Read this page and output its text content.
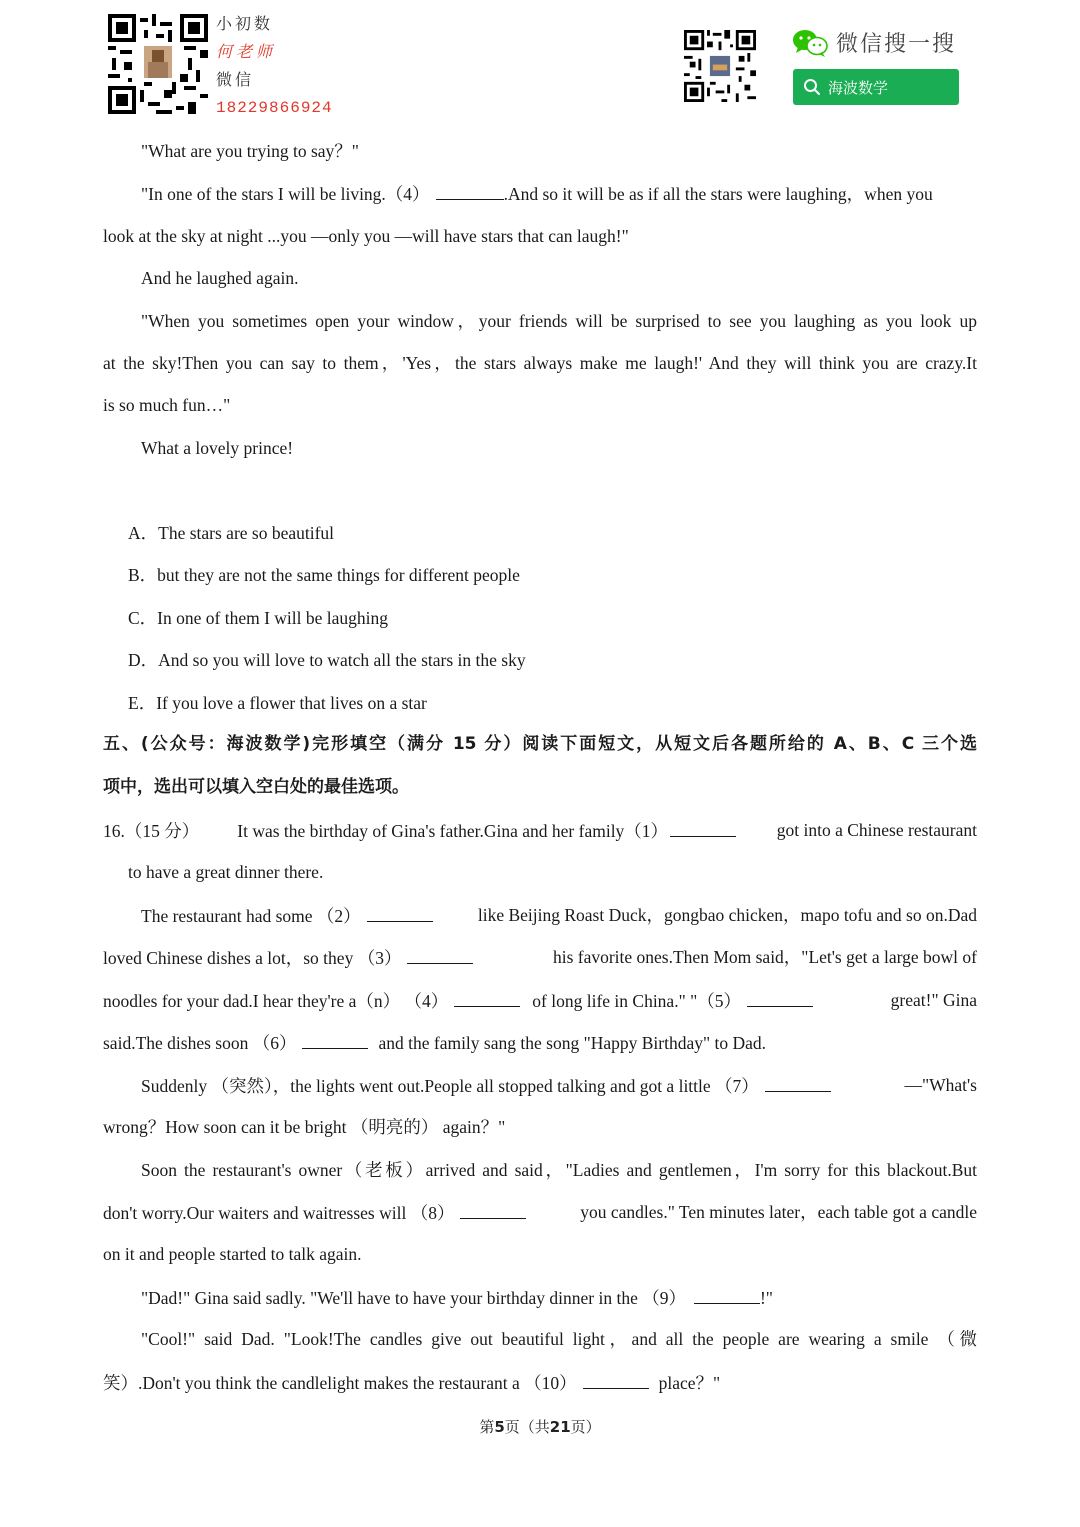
小初数
何老师
微信
18229866924
微信搜一搜
海波数学
"What are you trying to say？"
"In one of the stars I will be living.（4）	.And so it will be as if all the stars were laughing，when you
look at the sky at night ...you —only you —will have stars that can laugh!"
And he laughed again.
"When you sometimes open your window，your friends will be surprised to see you laughing as you look up
at the sky!Then you can say to them，'Yes，the stars always make me laugh!' And they will think you are crazy.It
is so much fun…"
What a lovely prince!
A．The stars are so beautiful
B．but they are not the same things for different people
C．In one of them I will be laughing
D．And so you will love to watch all the stars in the sky
E．If you love a flower that lives on a star
五、(公众号：海波数学)完形填空（满分 15 分）阅读下面短文，从短文后各题所给的 A、B、C 三个选
项中，选出可以填入空白处的最佳选项。
16.（15 分） It was the birthday of Gina's father.Gina and her family（1）	got into a Chinese restaurant
to have a great dinner there.
The restaurant had some （2）	like Beijing Roast Duck，gongbao chicken，mapo tofu and so on.Dad
loved Chinese dishes a lot，so they （3）	his favorite ones.Then Mom said，"Let's get a large bowl of
noodles for your dad.I hear they're a（n） （4）	of long life in China." "（5）	great!" Gina
said.The dishes soon （6）	and the family sang the song "Happy Birthday" to Dad.
Suddenly （突然），the lights went out.People all stopped talking and got a little （7）	—"What's
wrong？How soon can it be bright （明亮的） again？"
Soon the restaurant's owner（老板）arrived and said，"Ladies and gentlemen，I'm sorry for this blackout.But
don't worry.Our waiters and waitresses will （8）	you candles." Ten minutes later，each table got a candle
on it and people started to talk again.
"Dad!" Gina said sadly. "We'll have to have your birthday dinner in the （9）	!"
"Cool!" said Dad. "Look!The candles give out beautiful light，and all the people are wearing a smile （微
笑）.Don't you think the candlelight makes the restaurant a （10）	place？"
第5页（共21页）
